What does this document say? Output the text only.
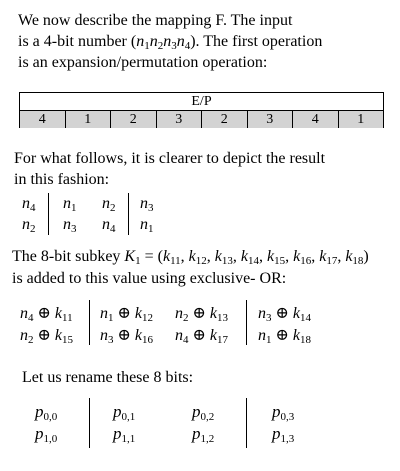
We now describe the mapping F. The input
is a 4-bit number $(n_1n_2n_3n_4)$. The first operation
is an expansion/permutation operation:
E/P
4	1	2	3	2	3	4	1
For what follows, it is clearer to depict the result
in this fashion:
$n_4$ $n_1$ $n_2$ $n_3$
$n_2$ $n_3$ $n_4$ $n_1$
The 8-bit subkey $K_1 = (k_{11}$, $k_{12}$, $k_{13}$, $k_{14}$, $k_{15}$, $k_{16}$, $k_{17}$, $k_{18}$)
is added to this value using exclusive- OR:
$n_4$ ⊕ $k_{11}$ $n_1$ ⊕ $k_{12}$ $n_2$ ⊕ $k_{13}$ $n_3$ ⊕ $k_{14}$
$n_2$ ⊕ $k_{15}$ $n_3$ ⊕ $k_{16}$ $n_4$ ⊕ $k_{17}$ $n_1$ ⊕ $k_{18}$
Let us rename these 8 bits:
$p_{0,0}$	$p_{0,1}$	$p_{0,2}$	$p_{0,3}$
$p_{1,0}$	$p_{1,1}$	$p_{1,2}$	$p_{1,3}$
